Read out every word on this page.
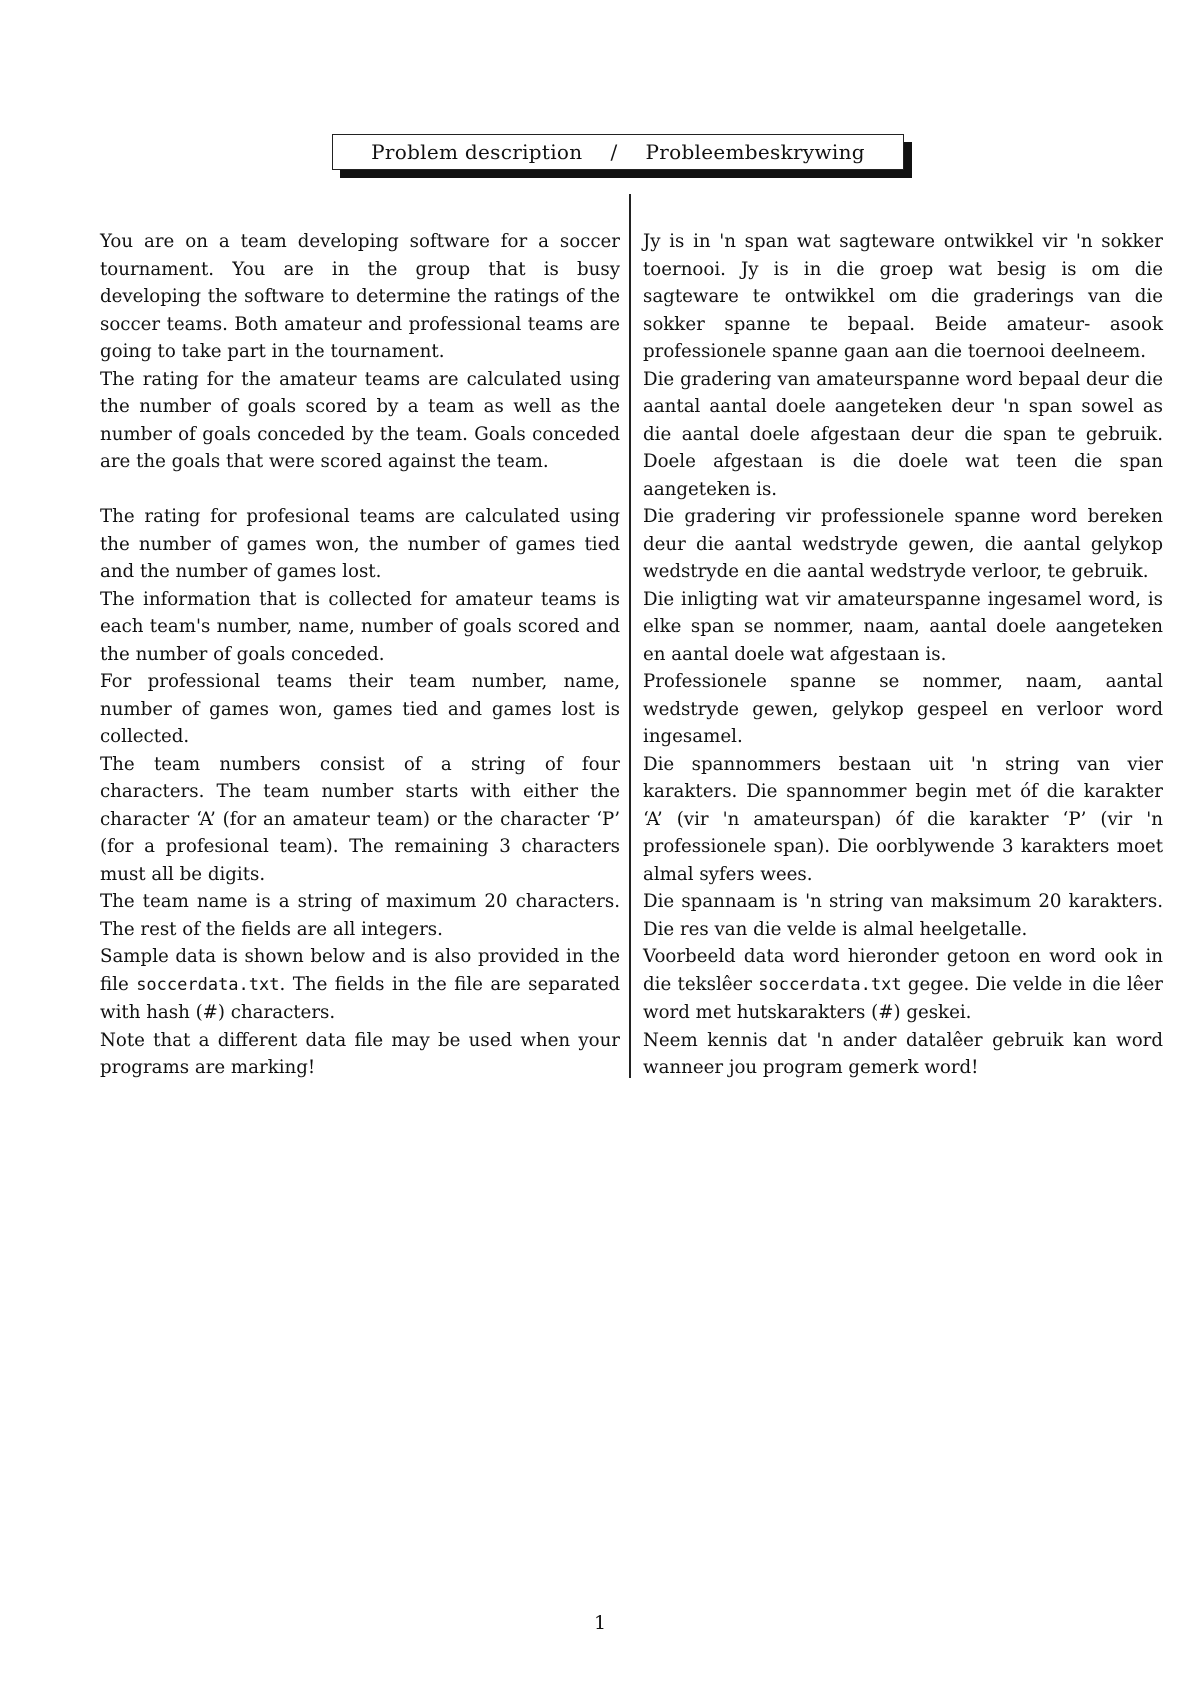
Problem description / Probleembeskrywing

You are on a team developing software for a soccer tournament. You are in the group that is busy developing the software to determine the ratings of the soccer teams. Both amateur and professional teams are going to take part in the tournament.

The rating for the amateur teams are calculated using the number of goals scored by a team as well as the number of goals conceded by the team. Goals conceded are the goals that were scored against the team.

The rating for profesional teams are calculated using the number of games won, the number of games tied and the number of games lost.

The information that is collected for amateur teams is each team's number, name, number of goals scored and the number of goals conceded.

For professional teams their team number, name, number of games won, games tied and games lost is collected.

The team numbers consist of a string of four characters. The team number starts with either the character ‘A’ (for an amateur team) or the character ‘P’ (for a profesional team). The remaining 3 characters must all be digits.

The team name is a string of maximum 20 characters. The rest of the fields are all integers.

Sample data is shown below and is also provided in the file soccerdata.txt. The fields in the file are separated with hash (#) characters.

Note that a different data file may be used when your programs are marking!

Jy is in 'n span wat sagteware ontwikkel vir 'n sokker toernooi. Jy is in die groep wat besig is om die sagteware te ontwikkel om die graderings van die sokker spanne te bepaal. Beide amateur- asook professionele spanne gaan aan die toernooi deelneem.

Die gradering van amateurspanne word bepaal deur die aantal aantal doele aangeteken deur 'n span sowel as die aantal doele afgestaan deur die span te gebruik. Doele afgestaan is die doele wat teen die span aangeteken is.

Die gradering vir professionele spanne word bereken deur die aantal wedstryde gewen, die aantal gelykop wedstryde en die aantal wedstryde verloor, te gebruik.

Die inligting wat vir amateurspanne ingesamel word, is elke span se nommer, naam, aantal doele aangeteken en aantal doele wat afgestaan is.

Professionele spanne se nommer, naam, aantal wedstryde gewen, gelykop gespeel en verloor word ingesamel.

Die spannommers bestaan uit 'n string van vier karakters. Die spannommer begin met óf die karakter ‘A’ (vir 'n amateurspan) óf die karakter ‘P’ (vir 'n professionele span). Die oorblywende 3 karakters moet almal syfers wees.

Die spannaam is 'n string van maksimum 20 karakters. Die res van die velde is almal heelgetalle.

Voorbeeld data word hieronder getoon en word ook in die tekslêer soccerdata.txt gegee. Die velde in die lêer word met hutskarakters (#) geskei.

Neem kennis dat 'n ander datalêer gebruik kan word wanneer jou program gemerk word!

1
